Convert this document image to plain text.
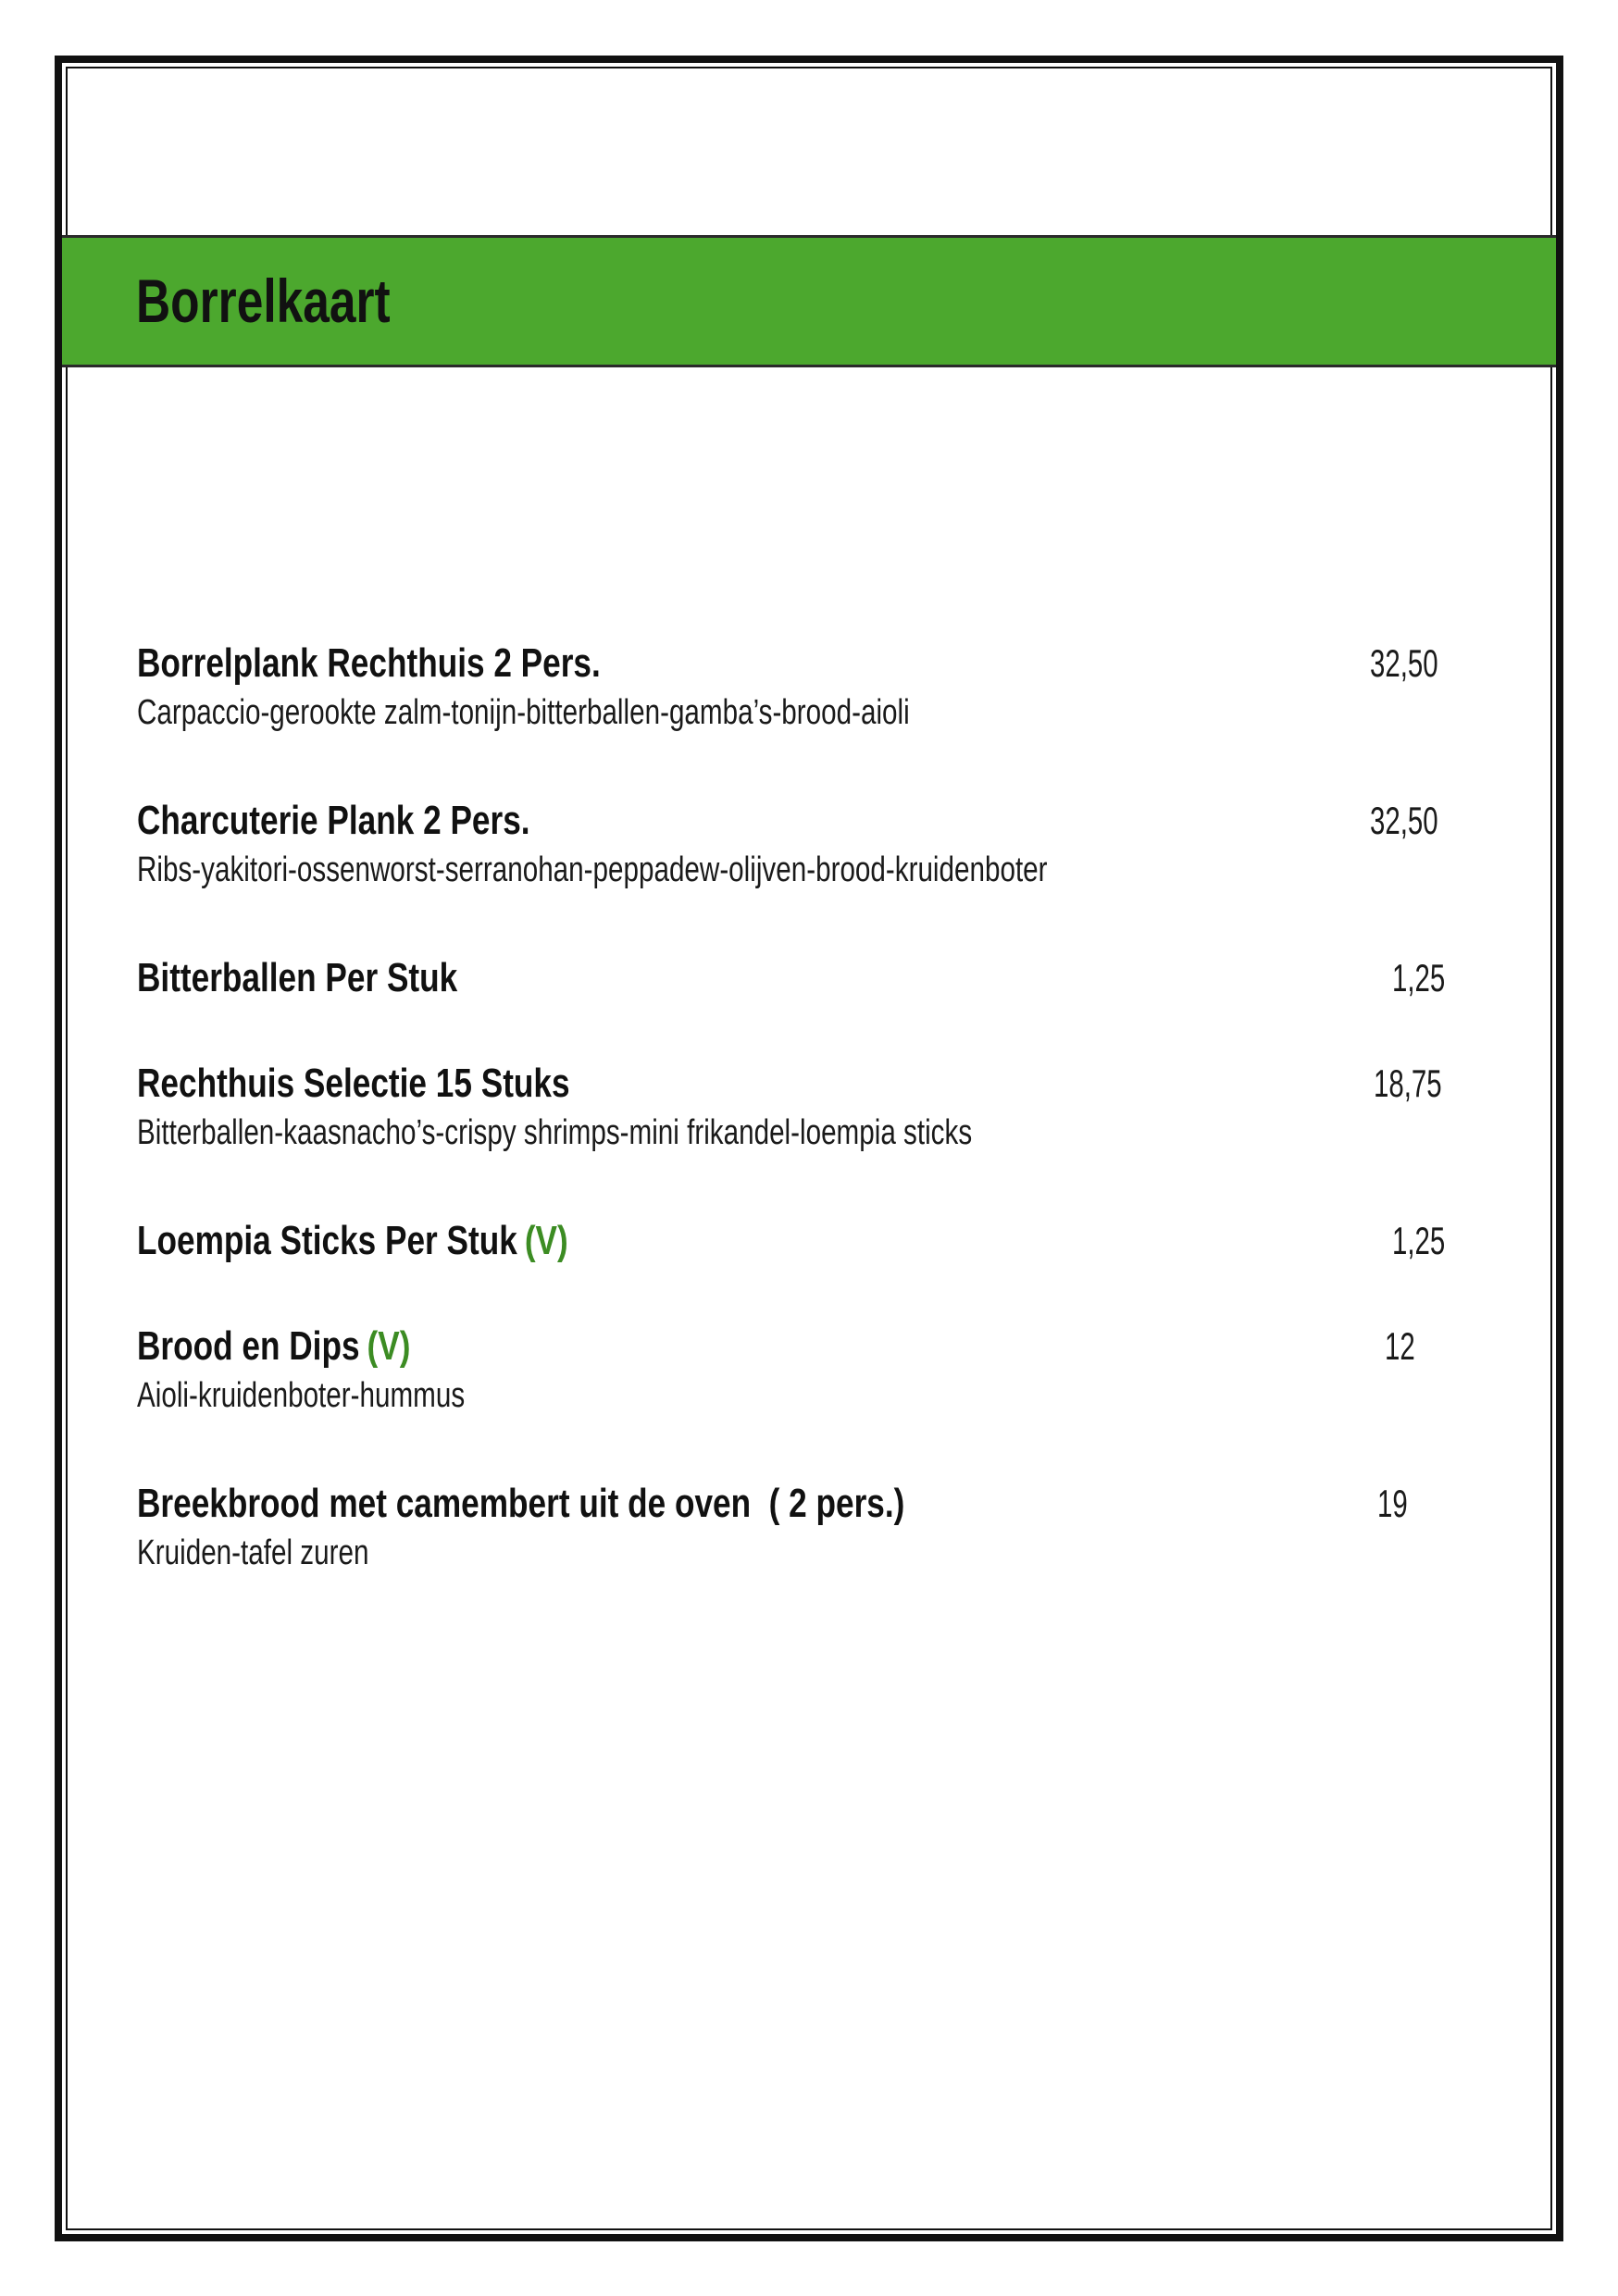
Borrelkaart
Borrelplank Rechthuis 2 Pers.
Carpaccio-gerookte zalm-tonijn-bitterballen-gamba’s-brood-aioli
32,50
Charcuterie Plank 2 Pers.
Ribs-yakitori-ossenworst-serranohan-peppadew-olijven-brood-kruidenboter
32,50
Bitterballen Per Stuk	1,25
Rechthuis Selectie 15 Stuks
Bitterballen-kaasnacho’s-crispy shrimps-mini frikandel-loempia sticks
18,75
Loempia Sticks Per Stuk (V)	1,25
Brood en Dips (V)
Aioli-kruidenboter-hummus
12
Breekbrood met camembert uit de oven  ( 2 pers.)
Kruiden-tafel zuren
19
